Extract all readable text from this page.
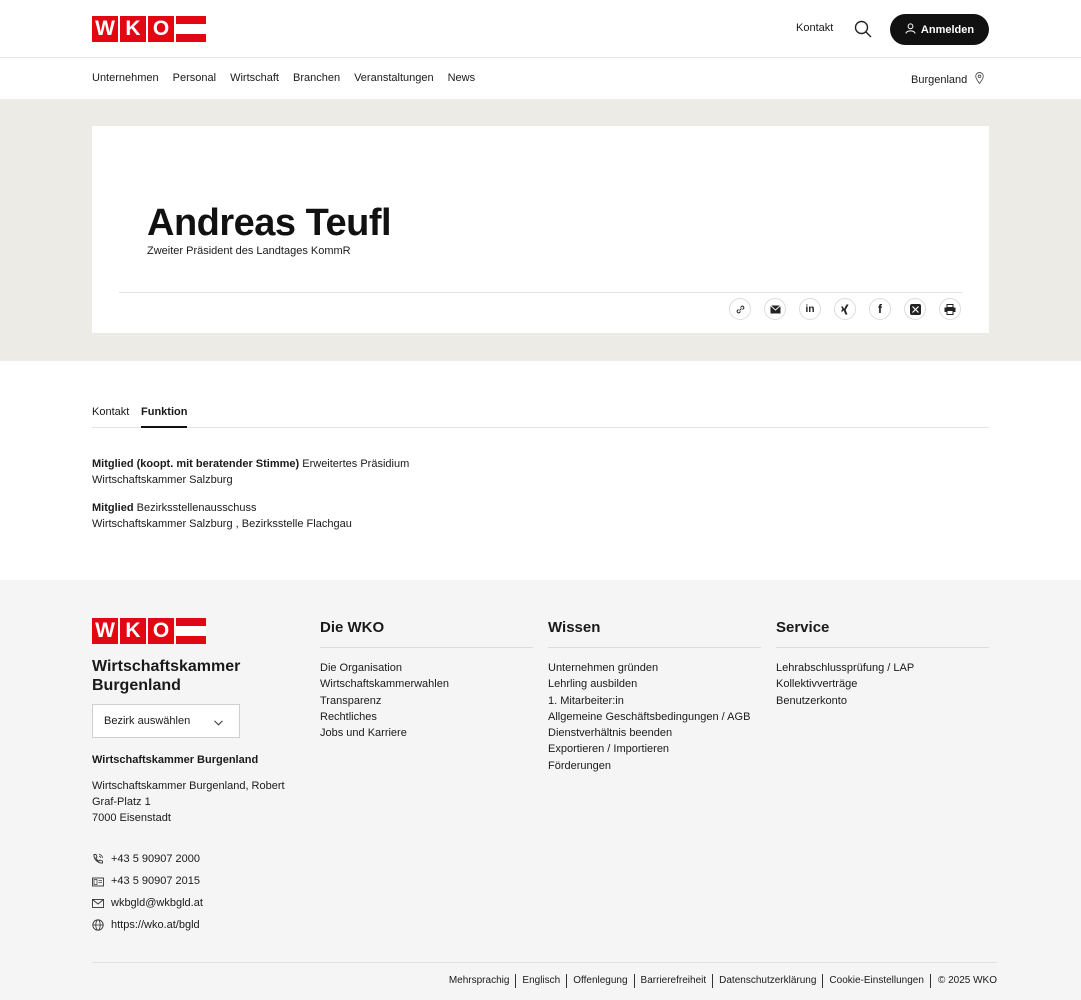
W K O	Kontakt	Anmelden
Unternehmen Personal Wirtschaft Branchen Veranstaltungen News	Burgenland
Andreas Teufl
Zweiter Präsident des Landtages KommR
in	f
Kontakt Funktion
Mitglied (koopt. mit beratender Stimme) Erweitertes Präsidium
Wirtschaftskammer Salzburg
Mitglied Bezirksstellenausschuss
Wirtschaftskammer Salzburg , Bezirksstelle Flachgau
W K O
Wirtschaftskammer Burgenland
Bezirk auswählen
Wirtschaftskammer Burgenland
Wirtschaftskammer Burgenland, Robert
Graf-Platz 1
7000 Eisenstadt
+43 5 90907 2000
+43 5 90907 2015
wkbgld@wkbgld.at
https://wko.at/bgld
Die WKO
Die Organisation
Wirtschaftskammerwahlen
Transparenz
Rechtliches
Jobs und Karriere
Wissen
Unternehmen gründen
Lehrling ausbilden
1. Mitarbeiter:in
Allgemeine Geschäftsbedingungen / AGB
Dienstverhältnis beenden
Exportieren / Importieren
Förderungen
Service
Lehrabschlussprüfung / LAP
Kollektivverträge
Benutzerkonto
Mehrsprachig	Englisch	Offenlegung	Barrierefreiheit	Datenschutzerklärung	Cookie-Einstellungen	© 2025 WKO
